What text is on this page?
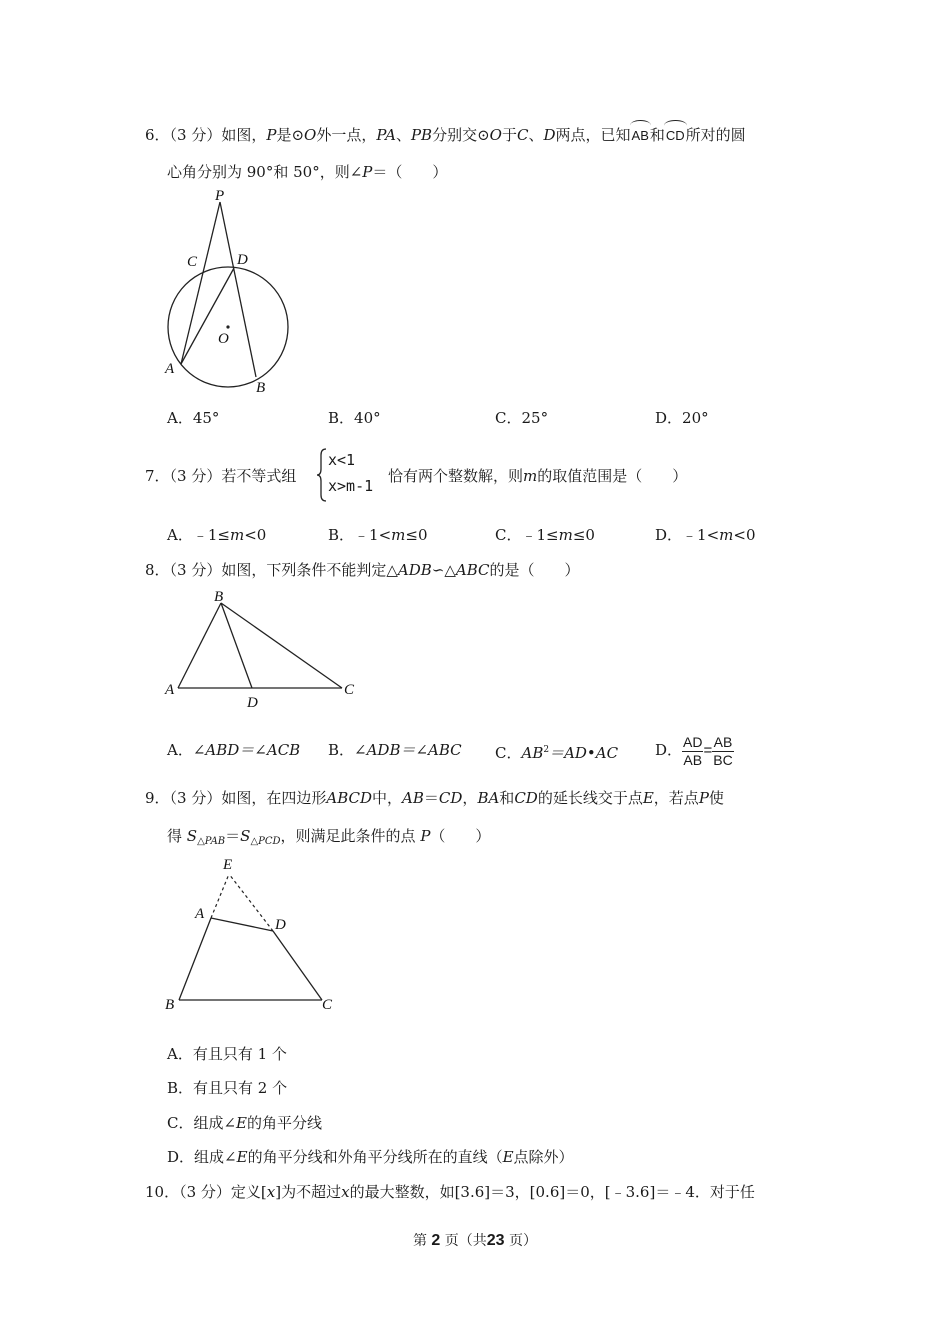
6．（3 分）如图，P是⊙O外一点，PA、PB分别交⊙O于C、D两点，已知AB和CD所对的圆
心角分别为 90°和 50°，则∠P＝（　　）
P
C	D
O
A
B
A．45°	B．40°	C．25°	D．20°
7．（3 分）若不等式组
x<1
x>m-1
恰有两个整数解，则m的取值范围是（　　）
A．﹣1≤m<0	B．﹣1<m≤0	C．﹣1≤m≤0	D．﹣1<m<0
8．（3 分）如图，下列条件不能判定△ADB∽△ABC的是（　　）
B
A	C
D
A．∠ABD＝∠ACB B．∠ADB＝∠ABC C．$AB^2=AD•AC$ D． $\frac{AD}{AB} = \frac{AB}{BC}$
9．（3 分）如图，在四边形ABCD中，AB＝CD，BA和CD的延长线交于点E，若点P使
得 $S_{\triangle PAB}=S_{\triangle PCD}$，则满足此条件的点 P（　　）
E
A
D
B	C
A．有且只有 1 个
B．有且只有 2 个
C．组成∠E的角平分线
D．组成∠E的角平分线和外角平分线所在的直线（E点除外）
10．（3 分）定义[x]为不超过x的最大整数，如[3.6]＝3，[0.6]＝0，[﹣3.6]＝﹣4．对于任
第 2 页（共23 页）
